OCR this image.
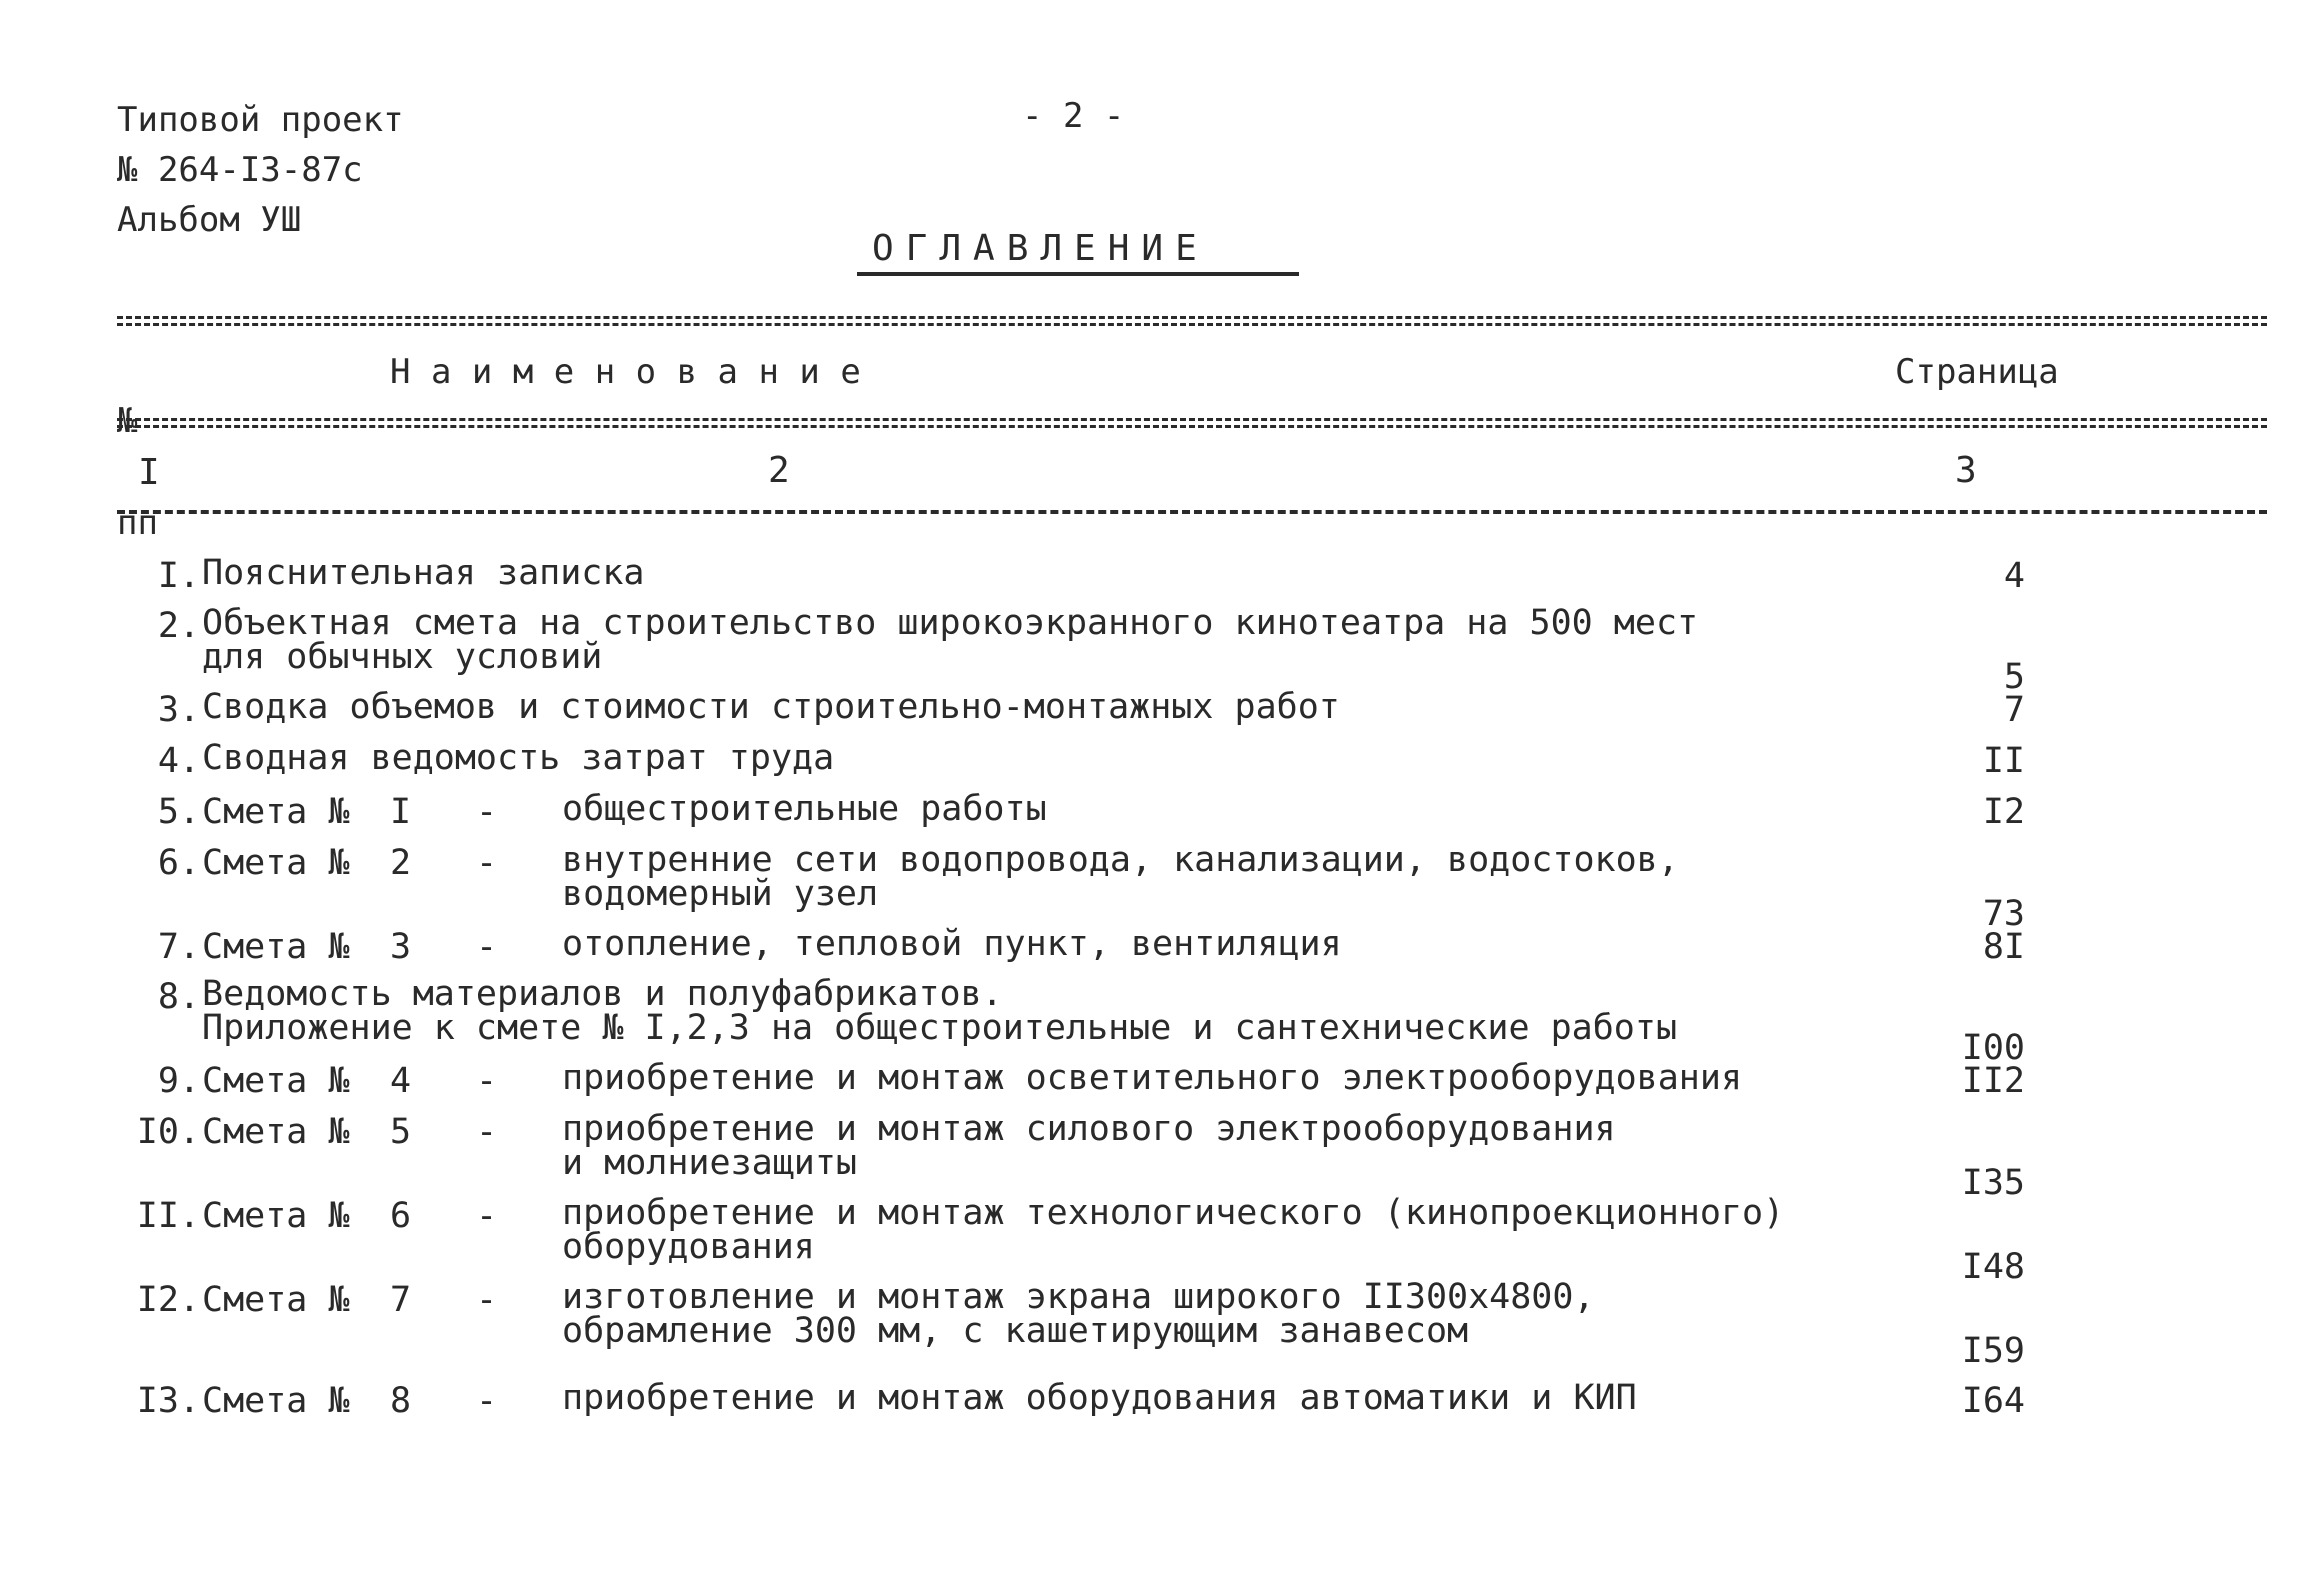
Типовой проект
№ 264-I3-87с
Альбом УШ
- 2 -
ОГЛАВЛЕНИЕ

№

пп

Н а и м е н о в а н и е	Страница
I	2	3
I. Пояснительная записка	4
2. Объектная смета на строительство широкоэкранного кинотеатра на 500 мест
для обычных условий	5
3. Сводка объемов и стоимости строительно-монтажных работ	7
4. Сводная ведомость затрат труда	II
5. Смета № I - общестроительные работы	I2
6. Смета № 2 - внутренние сети водопровода, канализации, водостоков,
водомерный узел	73
7. Смета № 3 - отопление, тепловой пункт, вентиляция	8I
8. Ведомость материалов и полуфабрикатов.
Приложение к смете № I,2,3 на общестроительные и сантехнические работы	I00
9. Смета № 4 - приобретение и монтаж осветительного электрооборудования	II2
I0. Смета № 5 - приобретение и монтаж силового электрооборудования
и молниезащиты	I35
II. Смета № 6 - приобретение и монтаж технологического (кинопроекционного)
оборудования	I48
I2. Смета № 7 - изготовление и монтаж экрана широкого II300х4800,
обрамление 300 мм, с кашетирующим занавесом	I59
I3. Смета № 8 - приобретение и монтаж оборудования автоматики и КИП	I64
